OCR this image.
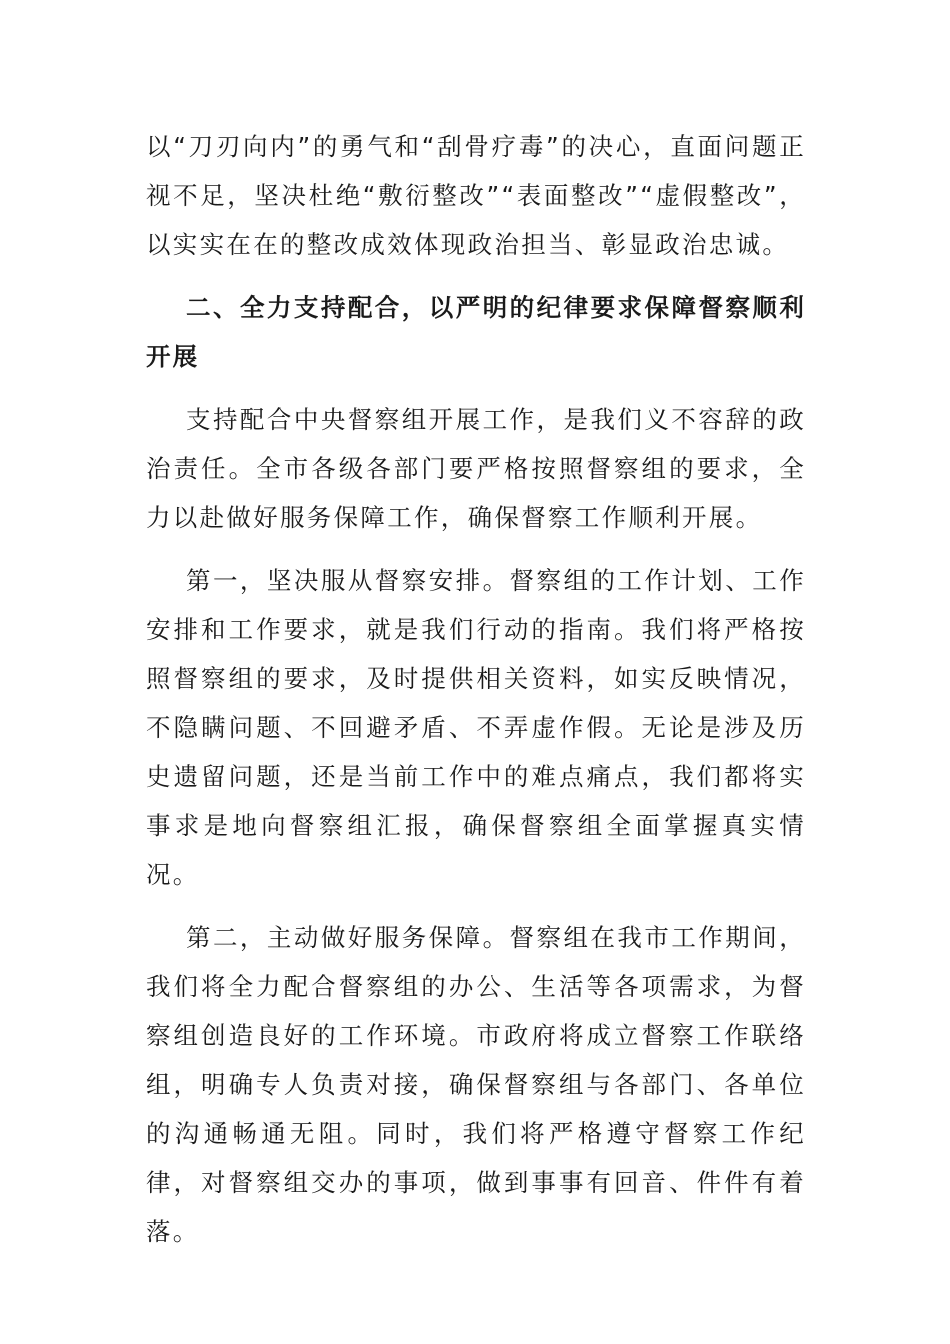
以“刀刃向内”的勇气和“刮骨疗毒”的决心，直面问题正视不足，坚决杜绝“敷衍整改”“表面整改”“虚假整改”，以实实在在的整改成效体现政治担当、彰显政治忠诚。

二、全力支持配合，以严明的纪律要求保障督察顺利开展

支持配合中央督察组开展工作，是我们义不容辞的政治责任。全市各级各部门要严格按照督察组的要求，全力以赴做好服务保障工作，确保督察工作顺利开展。

第一，坚决服从督察安排。督察组的工作计划、工作安排和工作要求，就是我们行动的指南。我们将严格按照督察组的要求，及时提供相关资料，如实反映情况，不隐瞒问题、不回避矛盾、不弄虚作假。无论是涉及历史遗留问题，还是当前工作中的难点痛点，我们都将实事求是地向督察组汇报，确保督察组全面掌握真实情况。

第二，主动做好服务保障。督察组在我市工作期间，我们将全力配合督察组的办公、生活等各项需求，为督察组创造良好的工作环境。市政府将成立督察工作联络组，明确专人负责对接，确保督察组与各部门、各单位的沟通畅通无阻。同时，我们将严格遵守督察工作纪律，对督察组交办的事项，做到事事有回音、件件有着落。
